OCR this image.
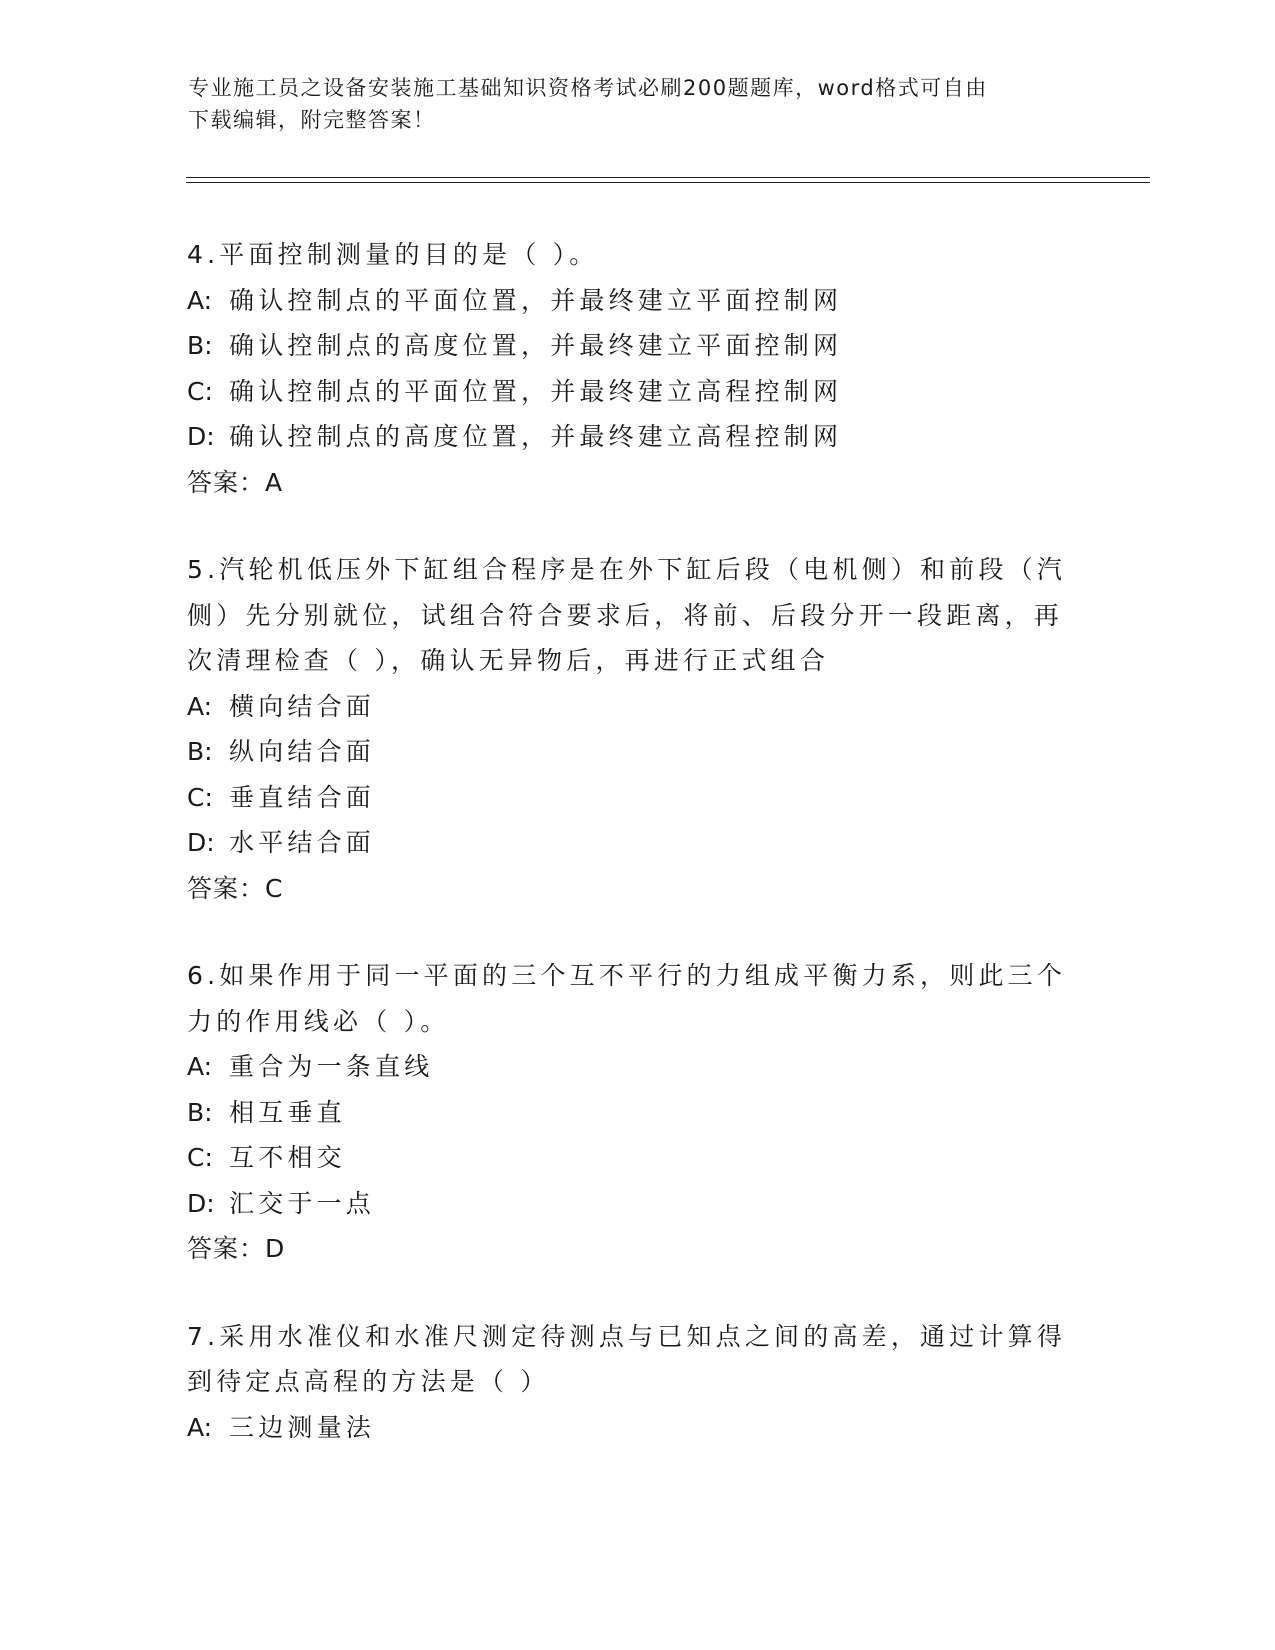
专业施工员之设备安装施工基础知识资格考试必刷200题题库，word格式可自由
下载编辑，附完整答案！
4.平面控制测量的目的是（ ）。
A: 确认控制点的平面位置，并最终建立平面控制网
B: 确认控制点的高度位置，并最终建立平面控制网
C: 确认控制点的平面位置，并最终建立高程控制网
D: 确认控制点的高度位置，并最终建立高程控制网
答案：A
5.汽轮机低压外下缸组合程序是在外下缸后段（电机侧）和前段（汽
侧）先分别就位，试组合符合要求后，将前、后段分开一段距离，再
次清理检查（ ），确认无异物后，再进行正式组合
A: 横向结合面
B: 纵向结合面
C: 垂直结合面
D: 水平结合面
答案：C
6.如果作用于同一平面的三个互不平行的力组成平衡力系，则此三个
力的作用线必（ ）。
A: 重合为一条直线
B: 相互垂直
C: 互不相交
D: 汇交于一点
答案：D
7.采用水准仪和水准尺测定待测点与已知点之间的高差，通过计算得
到待定点高程的方法是（ ）
A: 三边测量法
